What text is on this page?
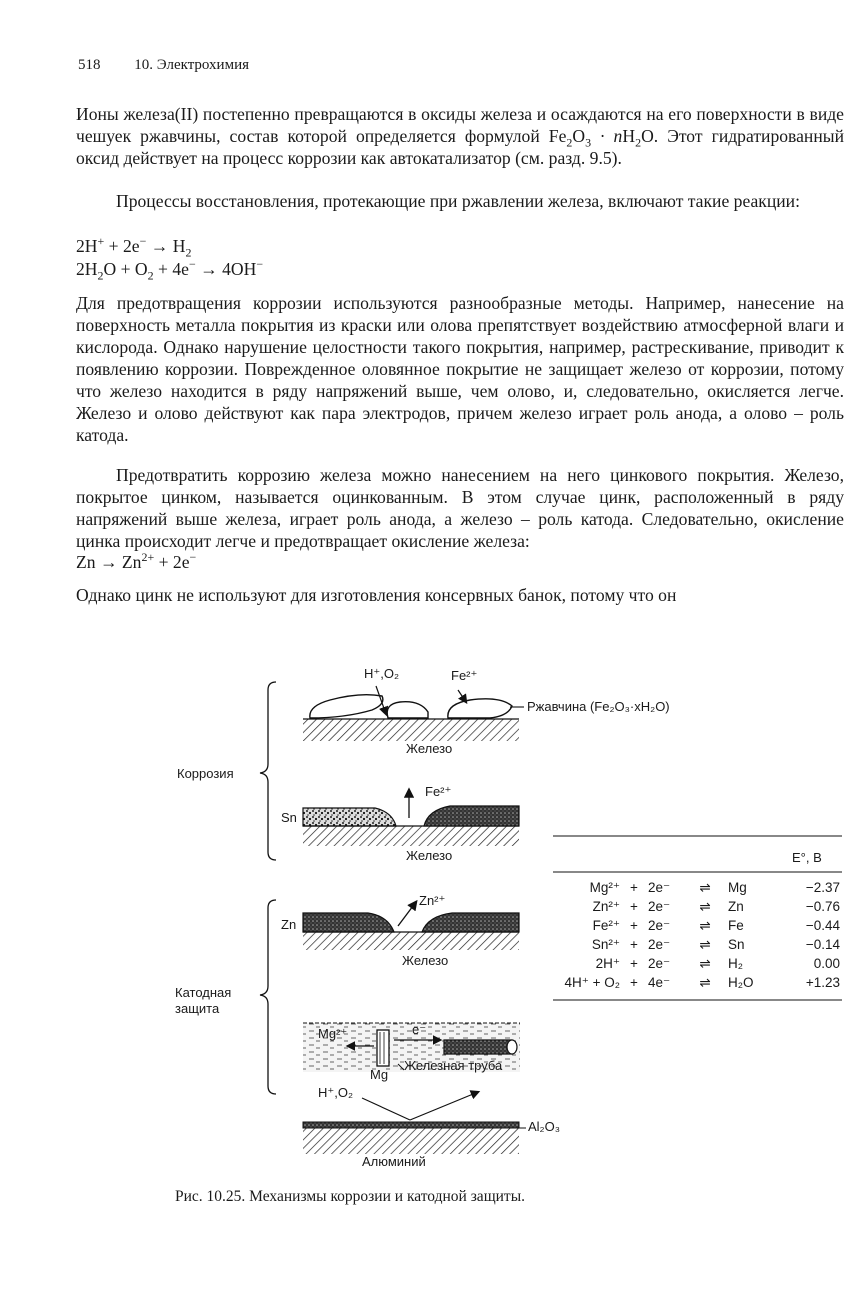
518 10. Электрохимия
Ионы железа(II) постепенно превращаются в оксиды железа и осаждаются на его поверхности в виде чешуек ржавчины, состав которой определяется формулой $Fe_2O_3 \cdot nH_2O$. Этот гидратированный оксид действует на процесс коррозии как автокатализатор (см. разд. 9.5).
Процессы восстановления, протекающие при ржавлении железа, включают такие реакции:
$2H^+ + 2e^- \to H_2$
$2H_2O + O_2 + 4e^- \to 4OH^-$
Для предотвращения коррозии используются разнообразные методы. Например, нанесение на поверхность металла покрытия из краски или олова препятствует воздействию атмосферной влаги и кислорода. Однако нарушение целостности такого покрытия, например, растрескивание, приводит к появлению коррозии. Поврежденное оловянное покрытие не защищает железо от коррозии, потому что железо находится в ряду напряжений выше, чем олово, и, следовательно, окисляется легче. Железо и олово действуют как пара электродов, причем железо играет роль анода, а олово – роль катода.
Предотвратить коррозию железа можно нанесением на него цинкового покрытия. Железо, покрытое цинком, называется оцинкованным. В этом случае цинк, расположенный в ряду напряжений выше железа, играет роль анода, а железо – роль катода. Следовательно, окисление цинка происходит легче и предотвращает окисление железа:
$Zn \to Zn^{2+} + 2e^-$
Однако цинк не используют для изготовления консервных банок, потому что он
Коррозия
Катодная защита
H⁺,O₂	Fe²⁺
Ржавчина (Fe₂O₃·xH₂O)
Железо
Fe²⁺
Sn
Железо
Zn
Zn²⁺
Железо
Mg²⁺	e⁻
Mg
Железная труба
H⁺,O₂
Al₂O₃
Алюминий
E°, В
Mg²⁺	+	2e⁻	⇌	Mg	−2.37
Zn²⁺	+	2e⁻	⇌	Zn	−0.76
Fe²⁺	+	2e⁻	⇌	Fe	−0.44
Sn²⁺	+	2e⁻	⇌	Sn	−0.14
2H⁺	+	2e⁻	⇌	H₂	0.00
4H⁺ + O₂	+	4e⁻	⇌	H₂O	+1.23
Рис. 10.25. Механизмы коррозии и катодной защиты.
